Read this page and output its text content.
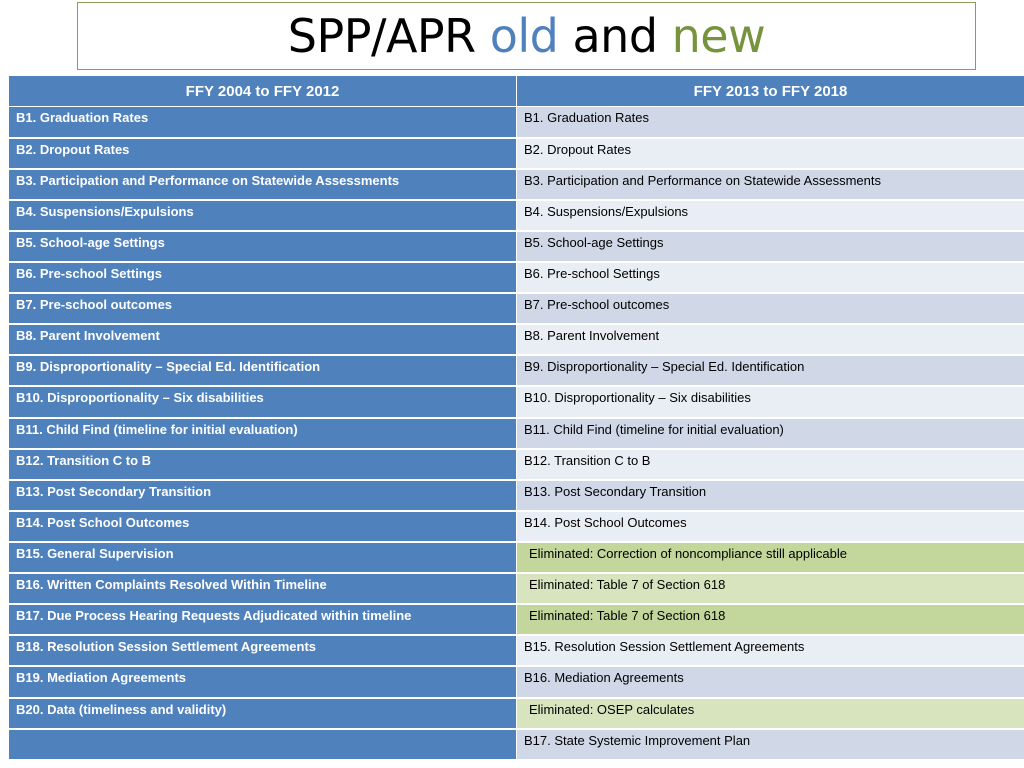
SPP/APR old and new
FFY 2004 to FFY 2012	FFY 2013 to FFY 2018
B1. Graduation Rates	B1. Graduation Rates
B2. Dropout Rates	B2. Dropout Rates
B3. Participation and Performance on Statewide Assessments	B3. Participation and Performance on Statewide Assessments
B4. Suspensions/Expulsions	B4. Suspensions/Expulsions
B5. School-age Settings	B5. School-age Settings
B6. Pre-school Settings	B6. Pre-school Settings
B7. Pre-school outcomes	B7. Pre-school outcomes
B8. Parent Involvement	B8. Parent Involvement
B9. Disproportionality – Special Ed. Identification	B9. Disproportionality – Special Ed. Identification
B10. Disproportionality – Six disabilities	B10. Disproportionality – Six disabilities
B11. Child Find (timeline for initial evaluation)	B11. Child Find (timeline for initial evaluation)
B12. Transition C to B	B12. Transition C to B
B13. Post Secondary Transition	B13. Post Secondary Transition
B14. Post School Outcomes	B14. Post School Outcomes
B15. General Supervision	Eliminated: Correction of noncompliance still applicable
B16. Written Complaints Resolved Within Timeline	Eliminated: Table 7 of Section 618
B17. Due Process Hearing Requests Adjudicated within timeline	Eliminated: Table 7 of Section 618
B18. Resolution Session Settlement Agreements	B15. Resolution Session Settlement Agreements
B19. Mediation Agreements	B16. Mediation Agreements
B20. Data (timeliness and validity)	Eliminated: OSEP calculates
	B17. State Systemic Improvement Plan
